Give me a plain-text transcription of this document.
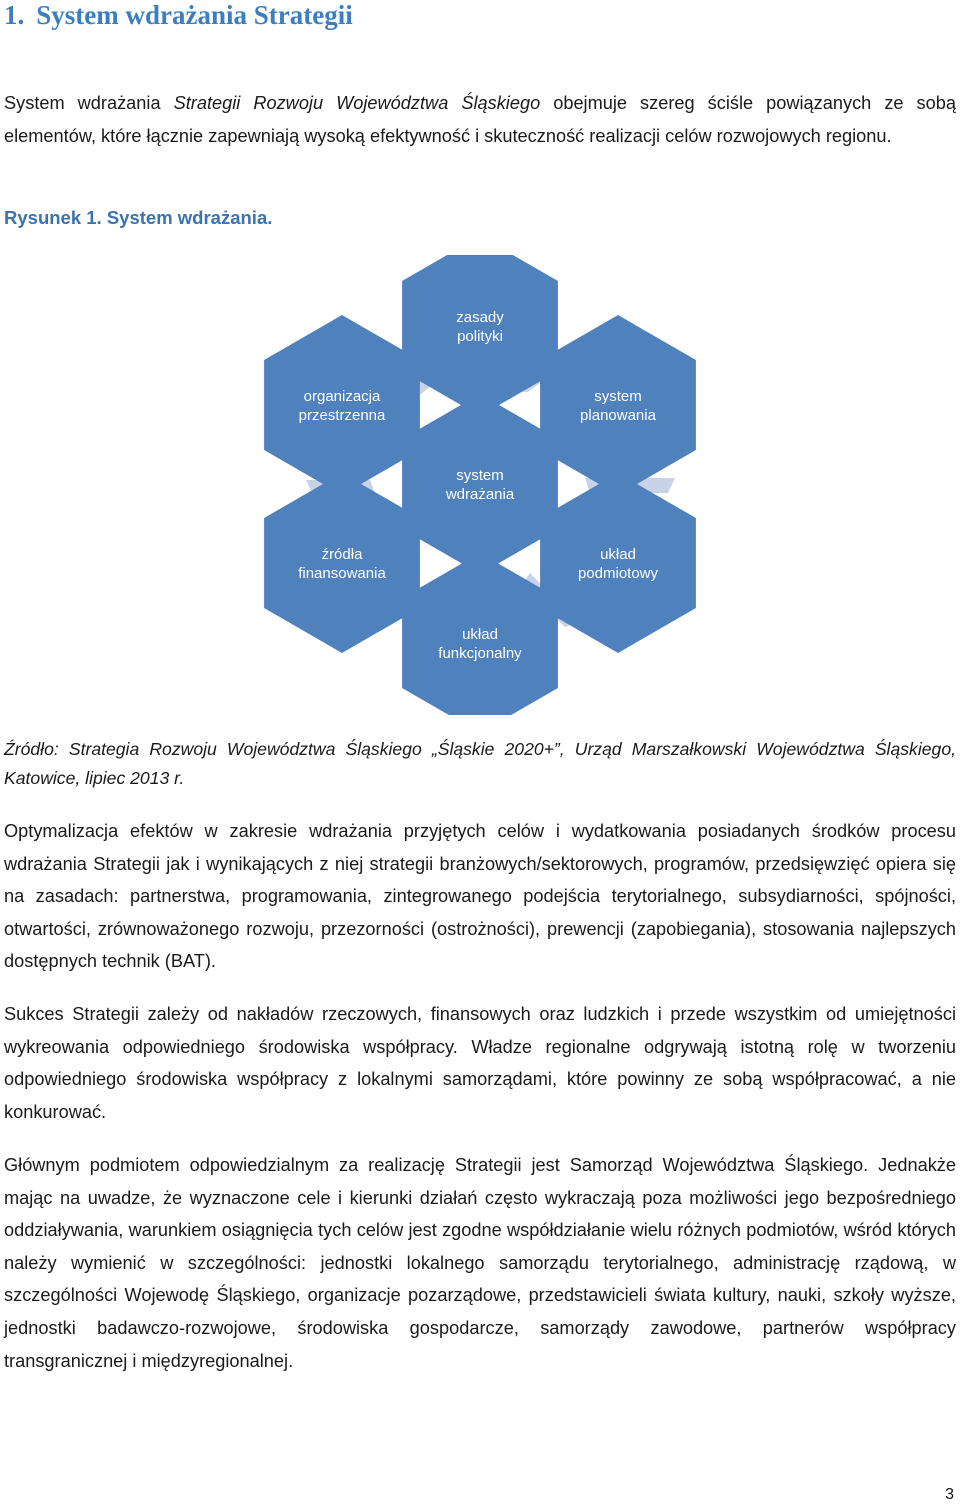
1. System wdrażania Strategii

System wdrażania Strategii Rozwoju Województwa Śląskiego obejmuje szereg ściśle powiązanych ze sobą elementów, które łącznie zapewniają wysoką efektywność i skuteczność realizacji celów rozwojowych regionu.

Rysunek 1. System wdrażania.

zasady
polityki
system
planowania
układ
podmiotowy
układ
funkcjonalny
źródła
finansowania
organizacja
przestrzenna
system
wdrażania

Źródło: Strategia Rozwoju Województwa Śląskiego „Śląskie 2020+”, Urząd Marszałkowski Województwa Śląskiego, Katowice, lipiec 2013 r.

Optymalizacja efektów w zakresie wdrażania przyjętych celów i wydatkowania posiadanych środków procesu wdrażania Strategii jak i wynikających z niej strategii branżowych/sektorowych, programów, przedsięwzięć opiera się na zasadach: partnerstwa, programowania, zintegrowanego podejścia terytorialnego, subsydiarności, spójności, otwartości, zrównoważonego rozwoju, przezorności (ostrożności), prewencji (zapobiegania), stosowania najlepszych dostępnych technik (BAT).

Sukces Strategii zależy od nakładów rzeczowych, finansowych oraz ludzkich i przede wszystkim od umiejętności wykreowania odpowiedniego środowiska współpracy. Władze regionalne odgrywają istotną rolę w tworzeniu odpowiedniego środowiska współpracy z lokalnymi samorządami, które powinny ze sobą współpracować, a nie konkurować.

Głównym podmiotem odpowiedzialnym za realizację Strategii jest Samorząd Województwa Śląskiego. Jednakże mając na uwadze, że wyznaczone cele i kierunki działań często wykraczają poza możliwości jego bezpośredniego oddziaływania, warunkiem osiągnięcia tych celów jest zgodne współdziałanie wielu różnych podmiotów, wśród których należy wymienić w szczególności: jednostki lokalnego samorządu terytorialnego, administrację rządową, w szczególności Wojewodę Śląskiego, organizacje pozarządowe, przedstawicieli świata kultury, nauki, szkoły wyższe, jednostki badawczo-rozwojowe, środowiska gospodarcze, samorządy zawodowe, partnerów współpracy transgranicznej i międzyregionalnej.

3
